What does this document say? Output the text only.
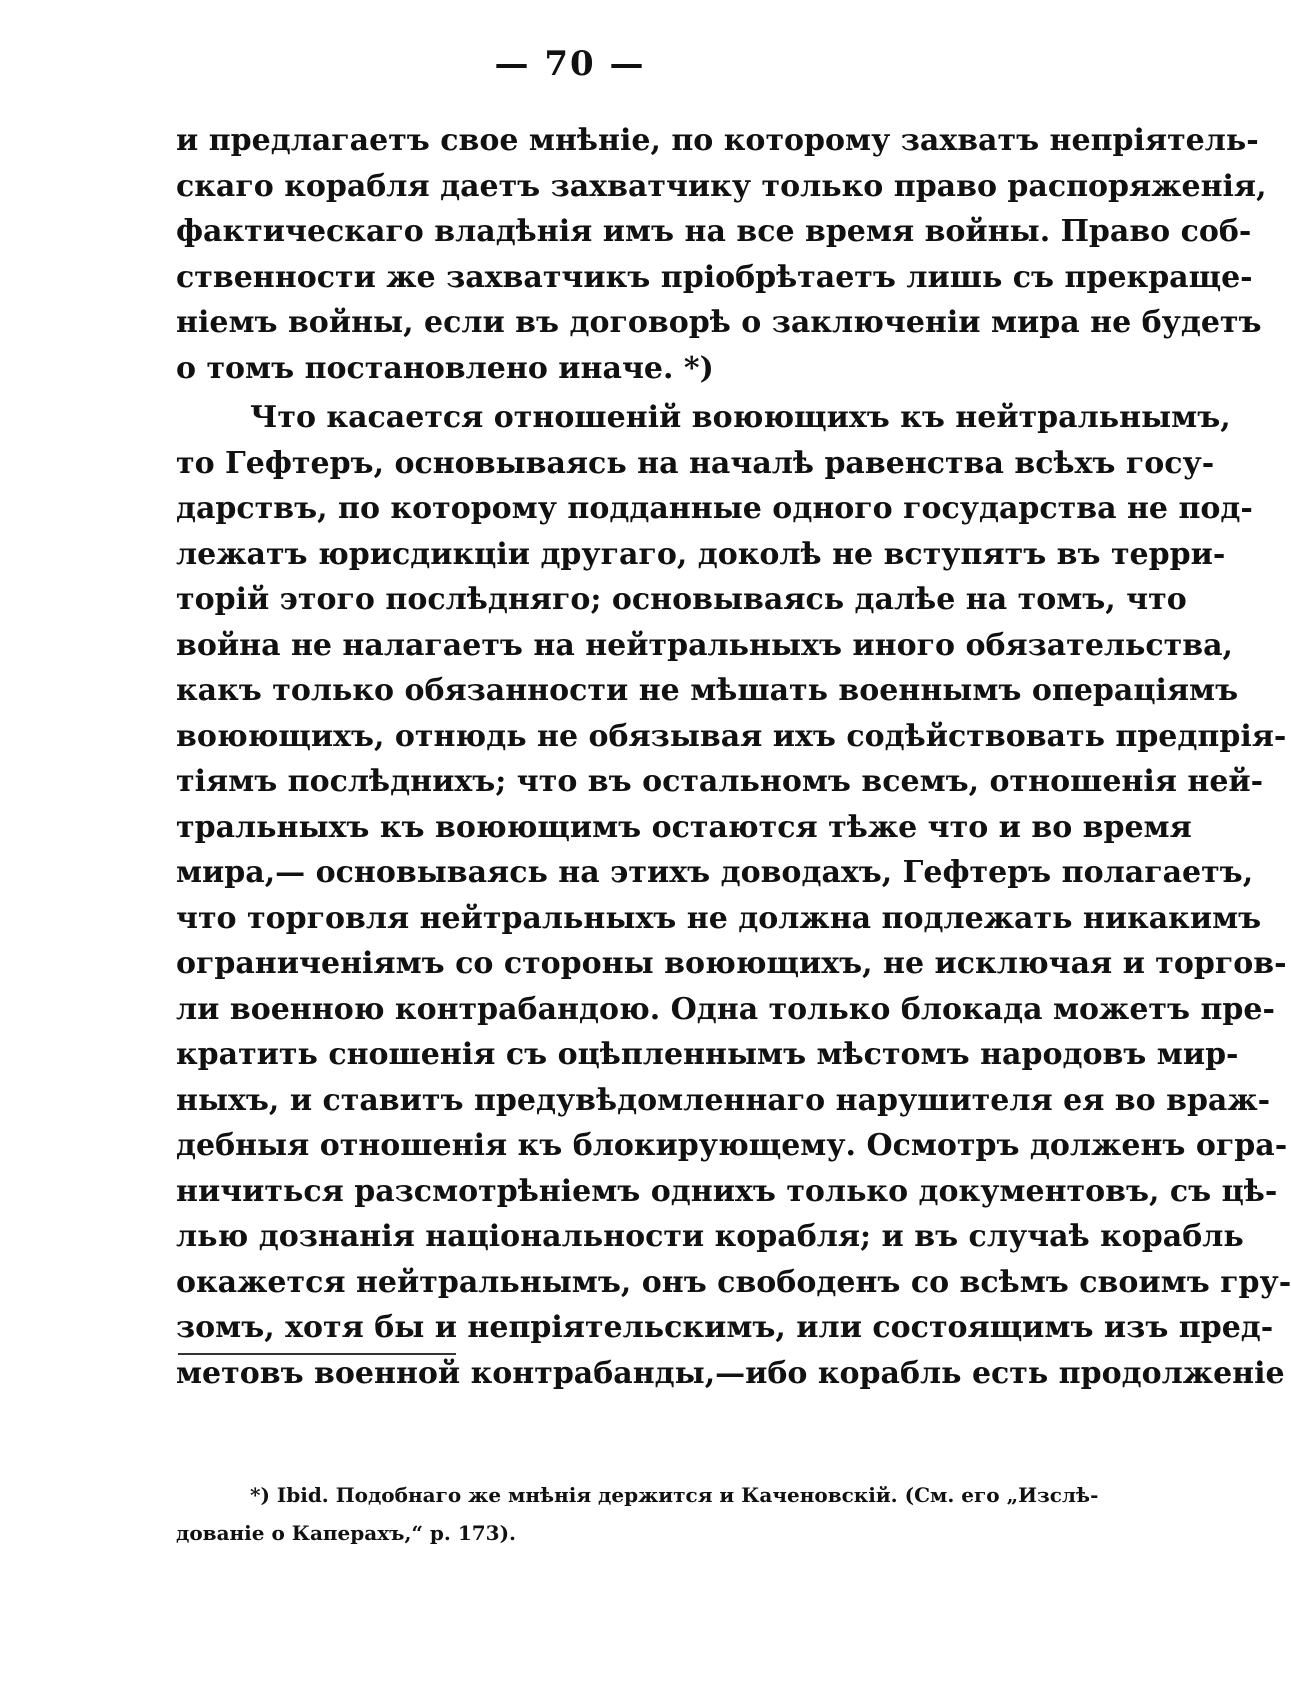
— 70 —
и предлагаетъ свое мнѣніе, по которому захватъ непріятель-
скаго корабля даетъ захватчику только право распоряженія,
фактическаго владѣнія имъ на все время войны. Право соб-
ственности же захватчикъ пріобрѣтаетъ лишь съ прекраще-
ніемъ войны, если въ договорѣ о заключеніи мира не будетъ
о томъ постановлено иначе. *)
Что касается отношеній воюющихъ къ нейтральнымъ,
то Гефтеръ, основываясь на началѣ равенства всѣхъ госу-
дарствъ, по которому подданные одного государства не под-
лежатъ юрисдикціи другаго, доколѣ не вступятъ въ терри-
торій этого послѣдняго; основываясь далѣе на томъ, что
война не налагаетъ на нейтральныхъ иного обязательства,
какъ только обязанности не мѣшать военнымъ операціямъ
воюющихъ, отнюдь не обязывая ихъ содѣйствовать предпрія-
тіямъ послѣднихъ; что въ остальномъ всемъ, отношенія ней-
тральныхъ къ воюющимъ остаются тѣже что и во время
мира,— основываясь на этихъ доводахъ, Гефтеръ полагаетъ,
что торговля нейтральныхъ не должна подлежать никакимъ
ограниченіямъ со стороны воюющихъ, не исключая и торгов-
ли военною контрабандою. Одна только блокада можетъ пре-
кратить сношенія съ оцѣпленнымъ мѣстомъ народовъ мир-
ныхъ, и ставитъ предувѣдомленнаго нарушителя ея во враж-
дебныя отношенія къ блокирующему. Осмотръ долженъ огра-
ничиться разсмотрѣніемъ однихъ только документовъ, съ цѣ-
лью дознанія національности корабля; и въ случаѣ корабль
окажется нейтральнымъ, онъ свободенъ со всѣмъ своимъ гру-
зомъ, хотя бы и непріятельскимъ, или состоящимъ изъ пред-
метовъ военной контрабанды,—ибо корабль есть продолженіе
*) Ibid. Подобнаго же мнѣнія держится и Каченовскій. (См. его „Изслѣ-
дованіе о Каперахъ,“ p. 173).
